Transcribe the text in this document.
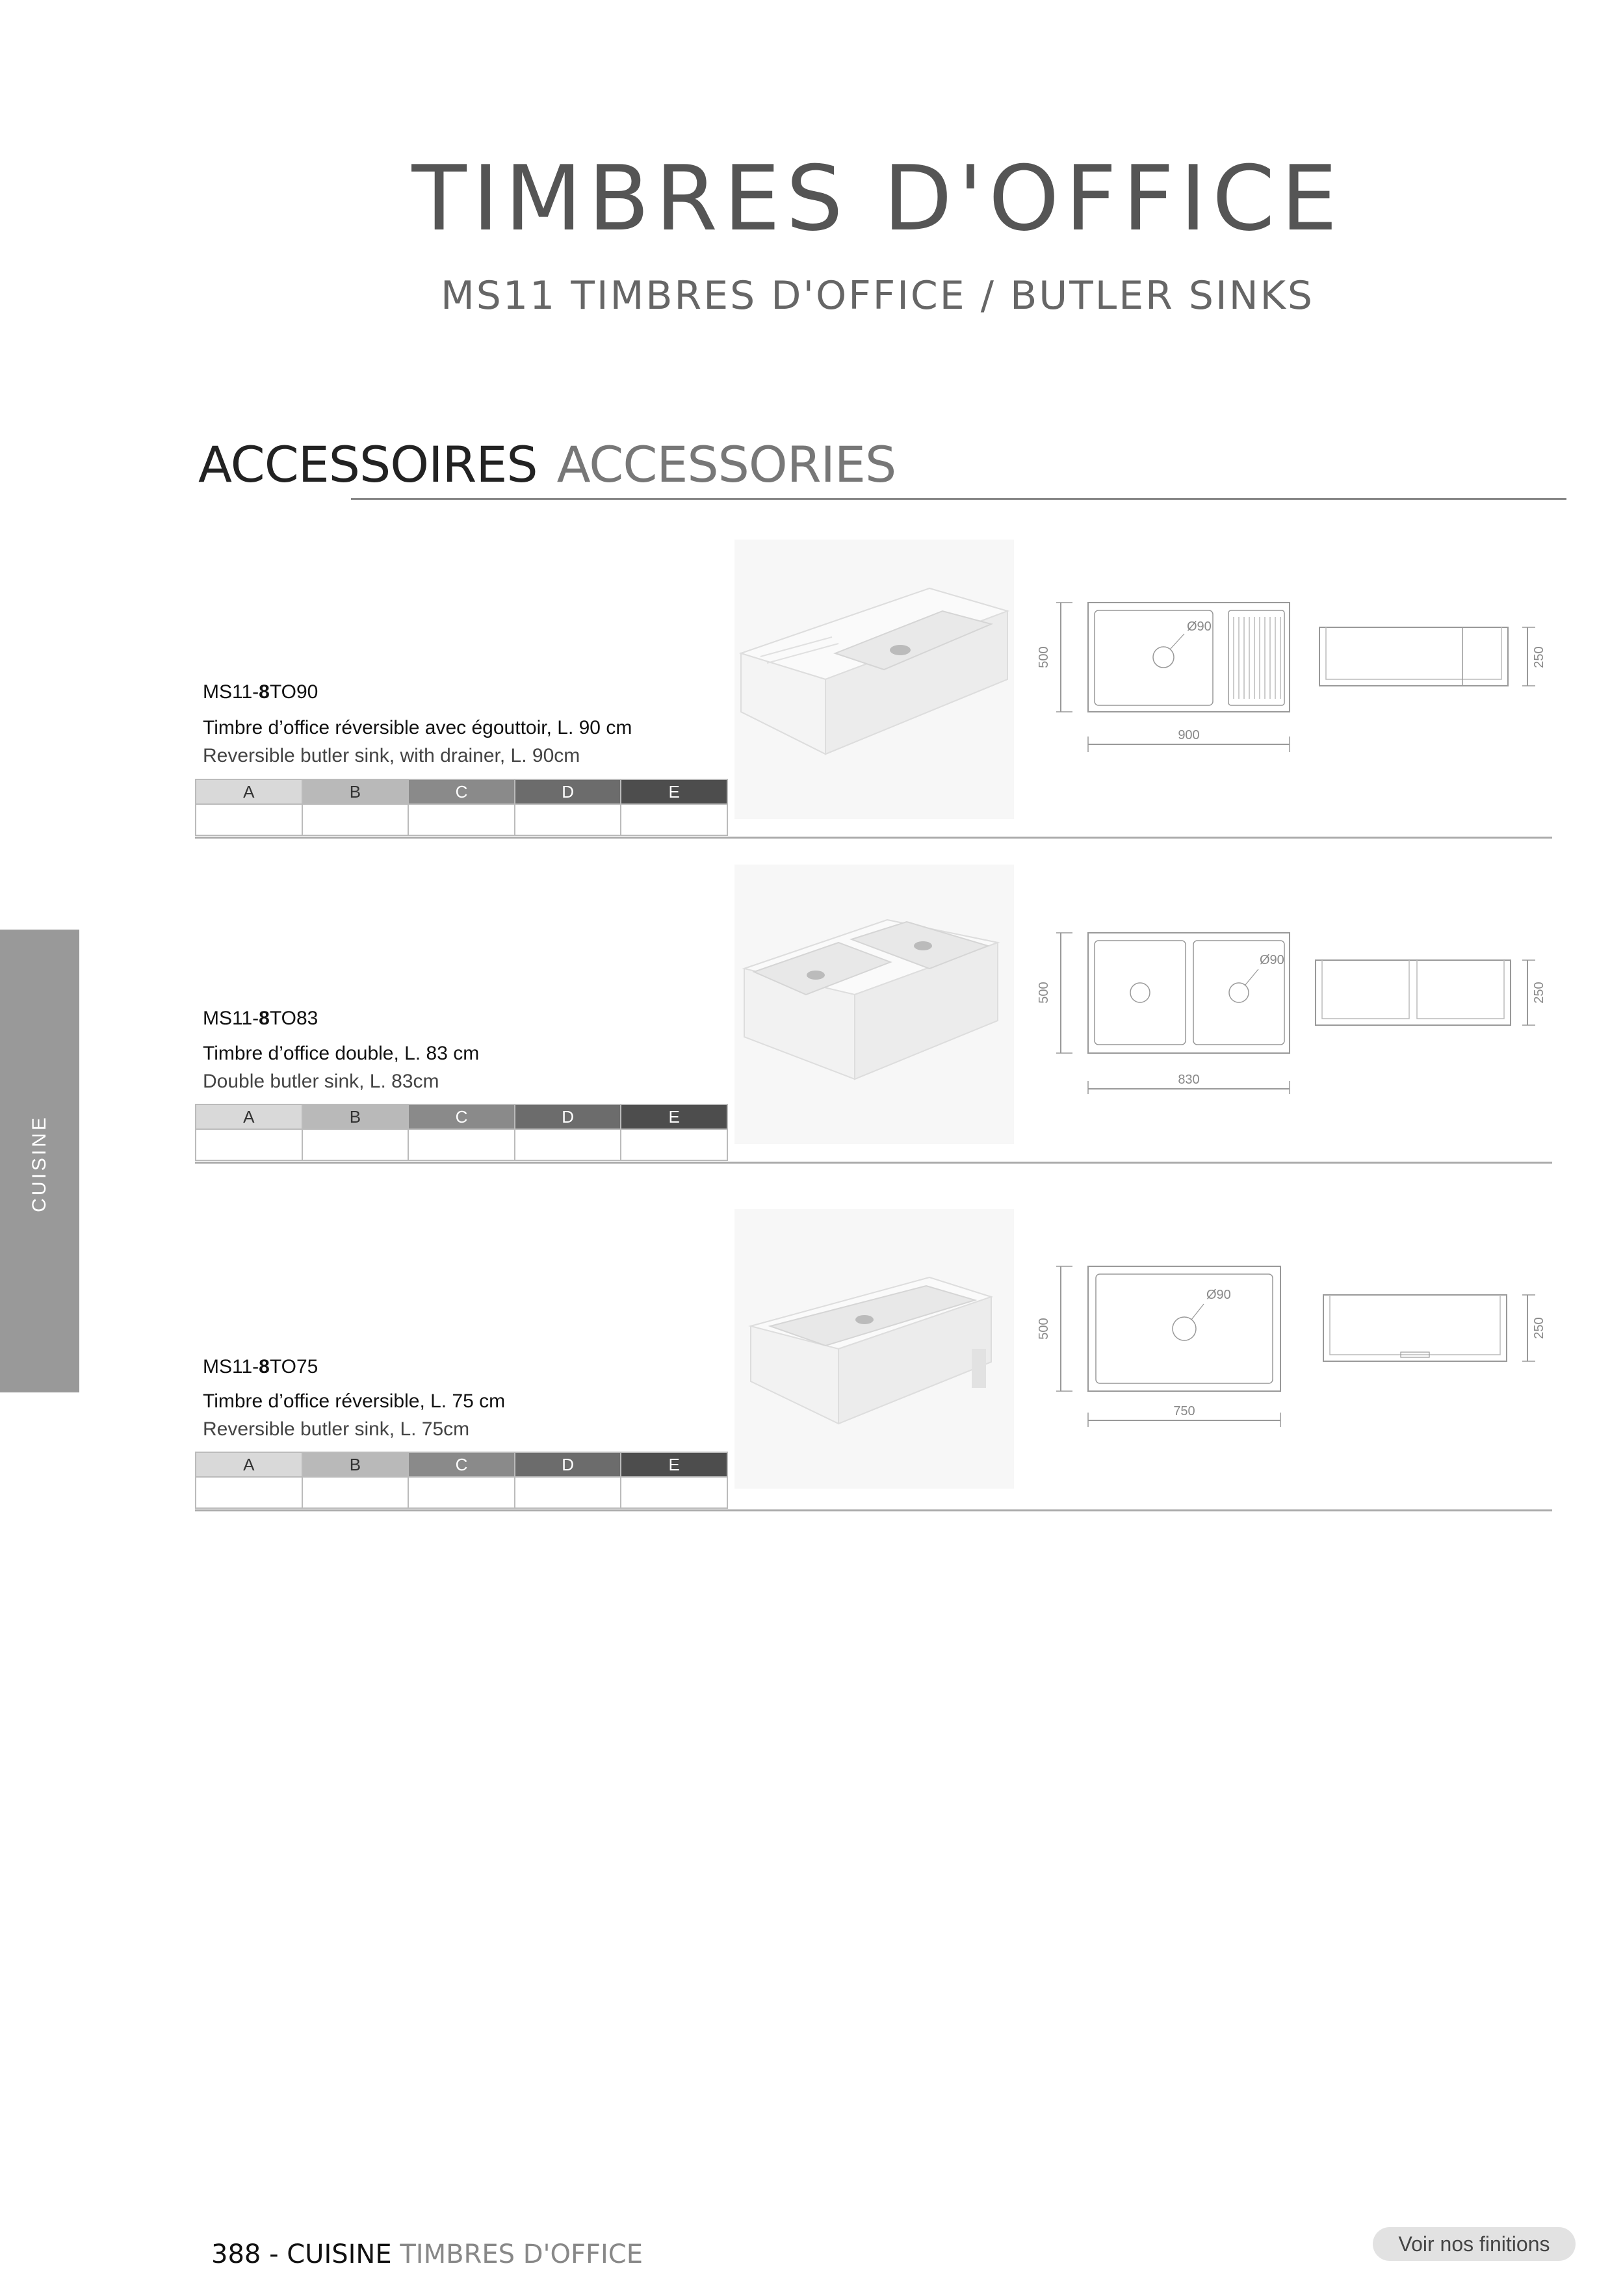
TIMBRES D'OFFICE
MS11 TIMBRES D'OFFICE / BUTLER SINKS
ACCESSOIRES ACCESSORIES
CUISINE
MS11-8TO90
Timbre d’office réversible avec égouttoir, L. 90 cm
Reversible butler sink, with drainer, L. 90cm
A	B	C	D	E

500
Ø90
900
250
MS11-8TO83
Timbre d’office double, L. 83 cm
Double butler sink, L. 83cm
A	B	C	D	E

500
Ø90
830
250
MS11-8TO75
Timbre d’office réversible, L. 75 cm
Reversible butler sink, L. 75cm
A	B	C	D	E

500
Ø90
750
250
388 - CUISINE TIMBRES D'OFFICE	Voir nos finitions
